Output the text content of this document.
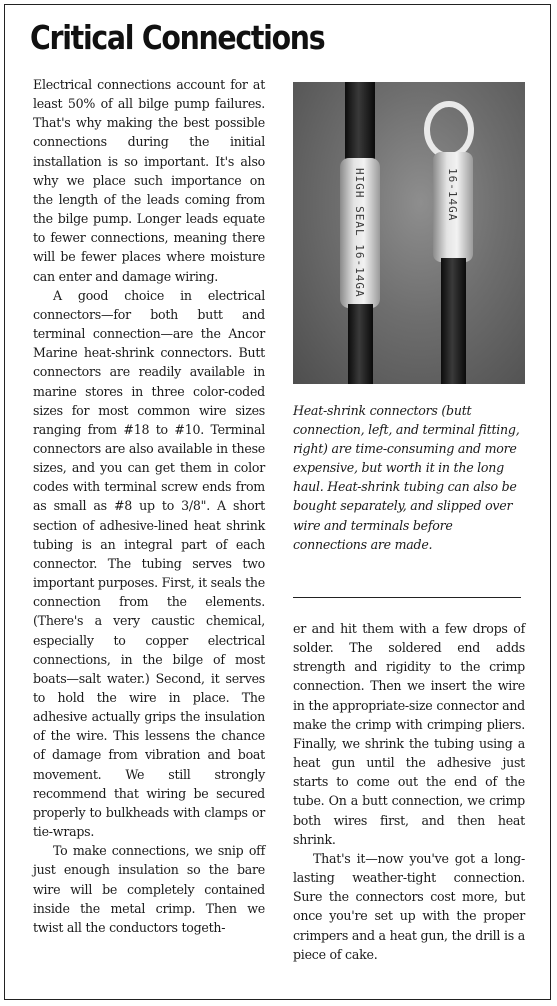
Critical Connections

Electrical connections account for at least 50% of all bilge pump failures. That's why making the best possible connections during the initial installation is so important. It's also why we place such importance on the length of the leads coming from the bilge pump. Longer leads equate to fewer connections, meaning there will be fewer places where moisture can enter and damage wiring.

A good choice in electrical connectors—for both butt and terminal connection—are the Ancor Marine heat-shrink connectors. Butt connectors are readily available in marine stores in three color-coded sizes for most common wire sizes ranging from #18 to #10. Terminal connectors are also available in these sizes, and you can get them in color codes with terminal screw ends from as small as #8 up to 3/8". A short section of adhesive-lined heat shrink tubing is an integral part of each connector. The tubing serves two important purposes. First, it seals the connection from the elements. (There's a very caustic chemical, especially to copper electrical connections, in the bilge of most boats—salt water.) Second, it serves to hold the wire in place. The adhesive actually grips the insulation of the wire. This lessens the chance of damage from vibration and boat movement. We still strongly recommend that wiring be secured properly to bulkheads with clamps or tie-wraps.

To make connections, we snip off just enough insulation so the bare wire will be completely contained inside the metal crimp. Then we twist all the conductors togeth-

HIGH SEAL 16-14GA	16-14GA
Heat-shrink connectors (butt connection, left, and terminal fitting, right) are time-consuming and more expensive, but worth it in the long haul. Heat-shrink tubing can also be bought separately, and slipped over wire and terminals before connections are made.

er and hit them with a few drops of solder. The soldered end adds strength and rigidity to the crimp connection. Then we insert the wire in the appropriate-size connector and make the crimp with crimping pliers. Finally, we shrink the tubing using a heat gun until the adhesive just starts to come out the end of the tube. On a butt connection, we crimp both wires first, and then heat shrink.

That's it—now you've got a long-lasting weather-tight connection. Sure the connectors cost more, but once you're set up with the proper crimpers and a heat gun, the drill is a piece of cake.
